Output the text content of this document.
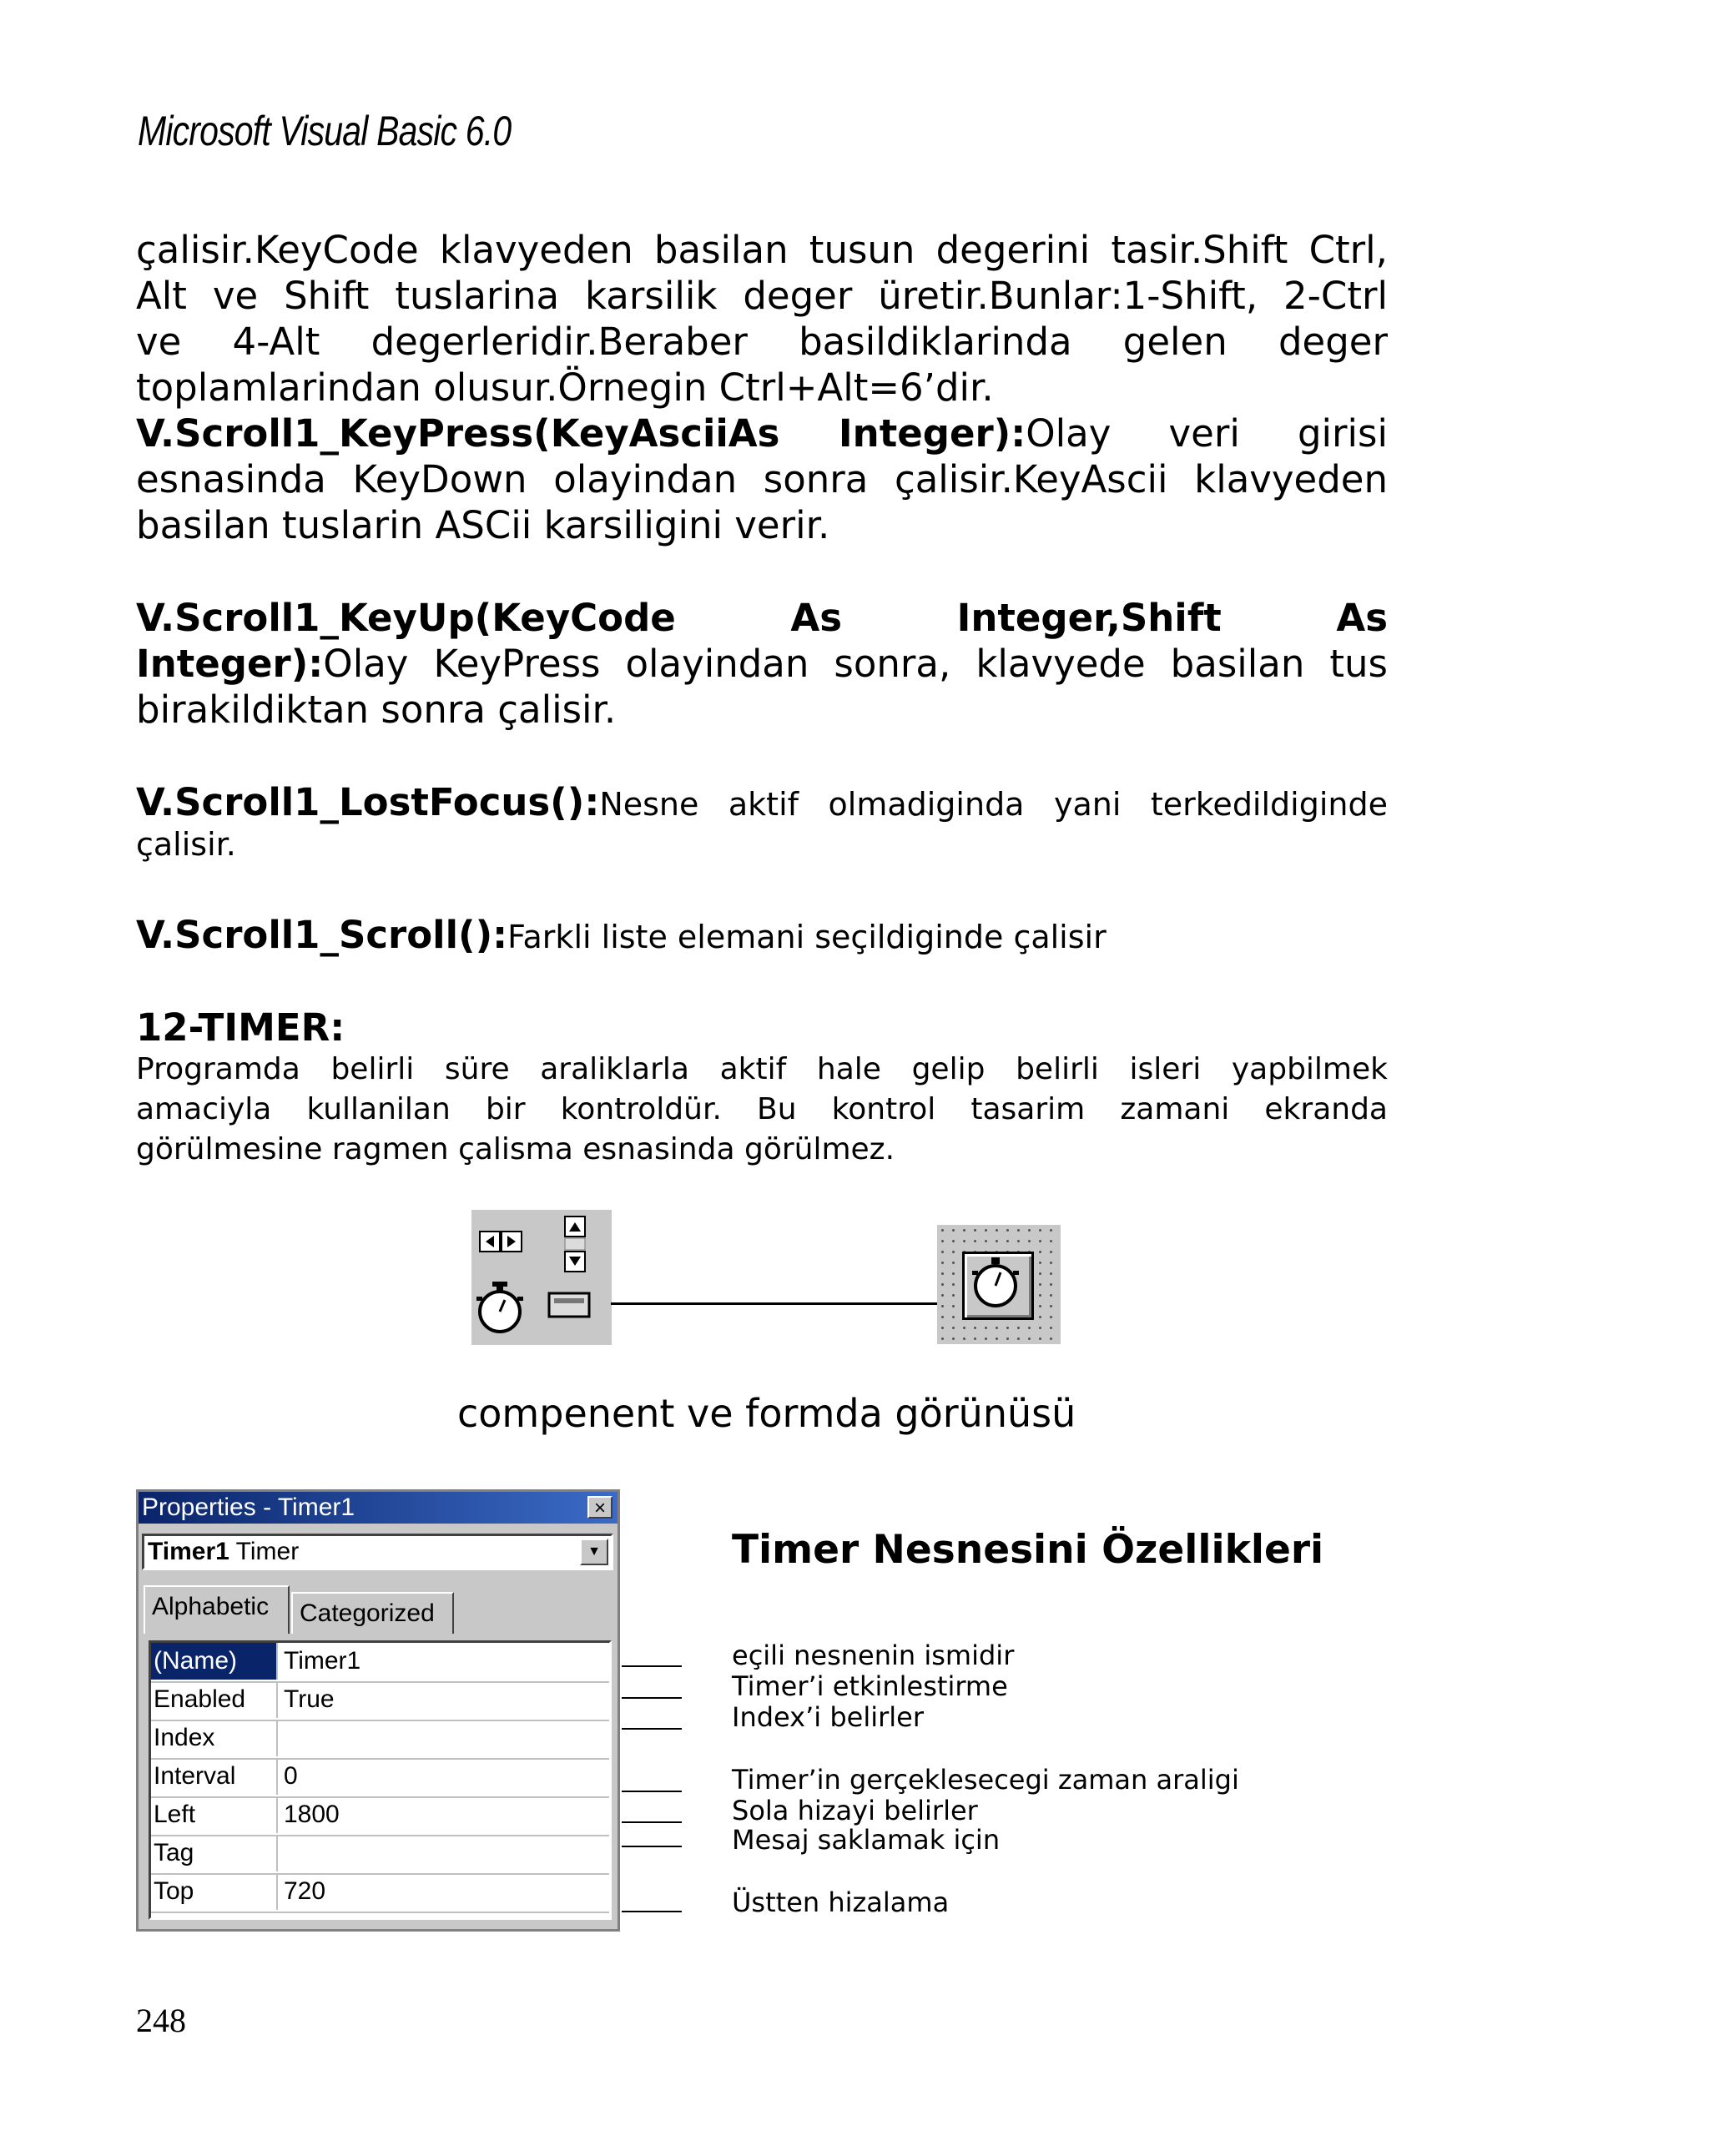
Microsoft Visual Basic 6.0
çalisir.KeyCode klavyeden basilan tusun degerini tasir.Shift Ctrl,
Alt ve Shift tuslarina karsilik deger üretir.Bunlar:1-Shift, 2-Ctrl
ve 4-Alt degerleridir.Beraber basildiklarinda gelen deger
toplamlarindan olusur.Örnegin Ctrl+Alt=6’dir.
V.Scroll1_KeyPress(KeyAsciiAs Integer):Olay veri girisi
esnasinda KeyDown olayindan sonra çalisir.KeyAscii klavyeden
basilan tuslarin ASCii karsiligini verir.
V.Scroll1_KeyUp(KeyCode As Integer,Shift As
Integer):Olay KeyPress olayindan sonra, klavyede basilan tus
birakildiktan sonra çalisir.
V.Scroll1_LostFocus():Nesne aktif olmadiginda yani terkedildiginde
çalisir.
V.Scroll1_Scroll():Farkli liste elemani seçildiginde çalisir
12-TIMER:
Programda belirli süre araliklarla aktif hale gelip belirli isleri yapbilmek
amaciyla kullanilan bir kontroldür. Bu kontrol tasarim zamani ekranda
görülmesine ragmen çalisma esnasinda görülmez.
compenent ve formda görünüsü
Properties - Timer1	×
Timer1 Timer	▼
Alphabetic	Categorized
(Name)	Timer1
Enabled	True
Index
Interval	0
Left	1800
Tag
Top	720
Timer Nesnesini Özellikleri
eçili nesnenin ismidir
Timer’i etkinlestirme
Index’i belirler
Timer’in gerçeklesecegi zaman araligi
Sola hizayi belirler
Mesaj saklamak için
Üstten hizalama
248
